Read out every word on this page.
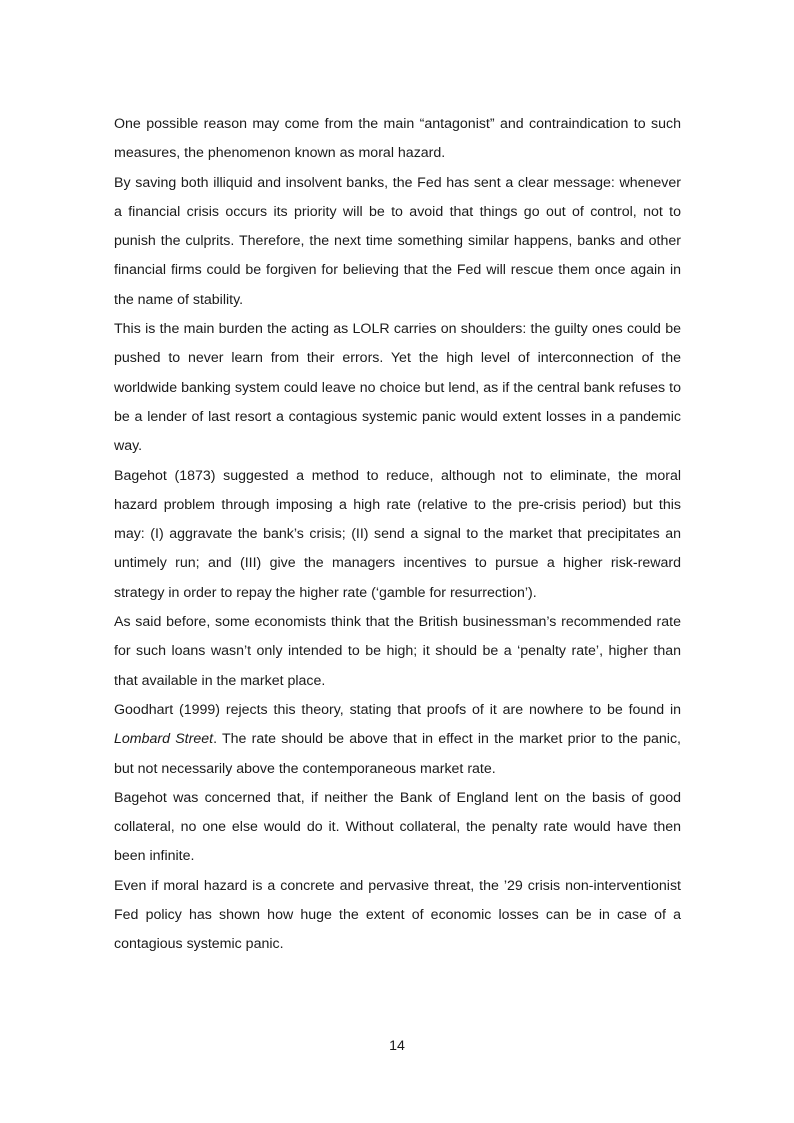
One possible reason may come from the main “antagonist” and contraindication to such measures, the phenomenon known as moral hazard.

By saving both illiquid and insolvent banks, the Fed has sent a clear message: whenever a financial crisis occurs its priority will be to avoid that things go out of control, not to punish the culprits. Therefore, the next time something similar happens, banks and other financial firms could be forgiven for believing that the Fed will rescue them once again in the name of stability.

This is the main burden the acting as LOLR carries on shoulders: the guilty ones could be pushed to never learn from their errors. Yet the high level of interconnection of the worldwide banking system could leave no choice but lend, as if the central bank refuses to be a lender of last resort a contagious systemic panic would extent losses in a pandemic way.

Bagehot (1873) suggested a method to reduce, although not to eliminate, the moral hazard problem through imposing a high rate (relative to the pre-crisis period) but this may: (I) aggravate the bank’s crisis; (II) send a signal to the market that precipitates an untimely run; and (III) give the managers incentives to pursue a higher risk-reward strategy in order to repay the higher rate (‘gamble for resurrection’).

As said before, some economists think that the British businessman’s recommended rate for such loans wasn’t only intended to be high; it should be a ‘penalty rate’, higher than that available in the market place.

Goodhart (1999) rejects this theory, stating that proofs of it are nowhere to be found in Lombard Street. The rate should be above that in effect in the market prior to the panic, but not necessarily above the contemporaneous market rate.

Bagehot was concerned that, if neither the Bank of England lent on the basis of good collateral, no one else would do it. Without collateral, the penalty rate would have then been infinite.

Even if moral hazard is a concrete and pervasive threat, the ’29 crisis non-interventionist Fed policy has shown how huge the extent of economic losses can be in case of a contagious systemic panic.

14
